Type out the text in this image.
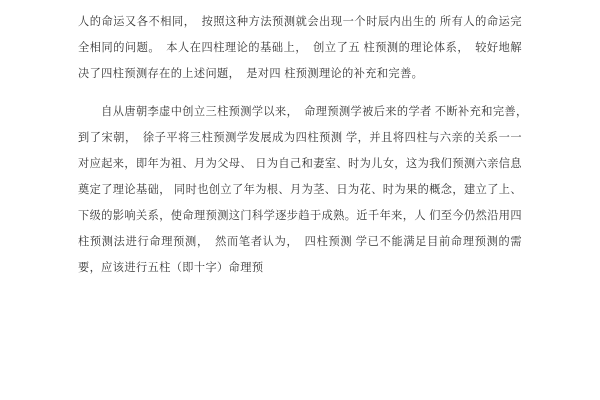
人的命运又各不相同，　按照这种方法预测就会出现一个时辰内出生的 所有人的命运完全相同的问题。　本人在四柱理论的基础上，　创立了五 柱预测的理论体系，　较好地解决了四柱预测存在的上述问题，　是对四 柱预测理论的补充和完善。

　　自从唐朝李虚中创立三柱预测学以来，　命理预测学被后来的学者 不断补充和完善，　到了宋朝，　徐子平将三柱预测学发展成为四柱预测 学，并且将四柱与六亲的关系一一对应起来，即年为祖、月为父母、 日为自己和妻室、时为儿女，这为我们预测六亲信息奠定了理论基础， 同时也创立了年为根、月为茎、日为花、时为果的概念，建立了上、 下级的影响关系，使命理预测这门科学逐步趋于成熟。近千年来，人 们至今仍然沿用四柱预测法进行命理预测，　然而笔者认为，　四柱预测 学已不能满足目前命理预测的需要，应该进行五柱（即十字）命理预
